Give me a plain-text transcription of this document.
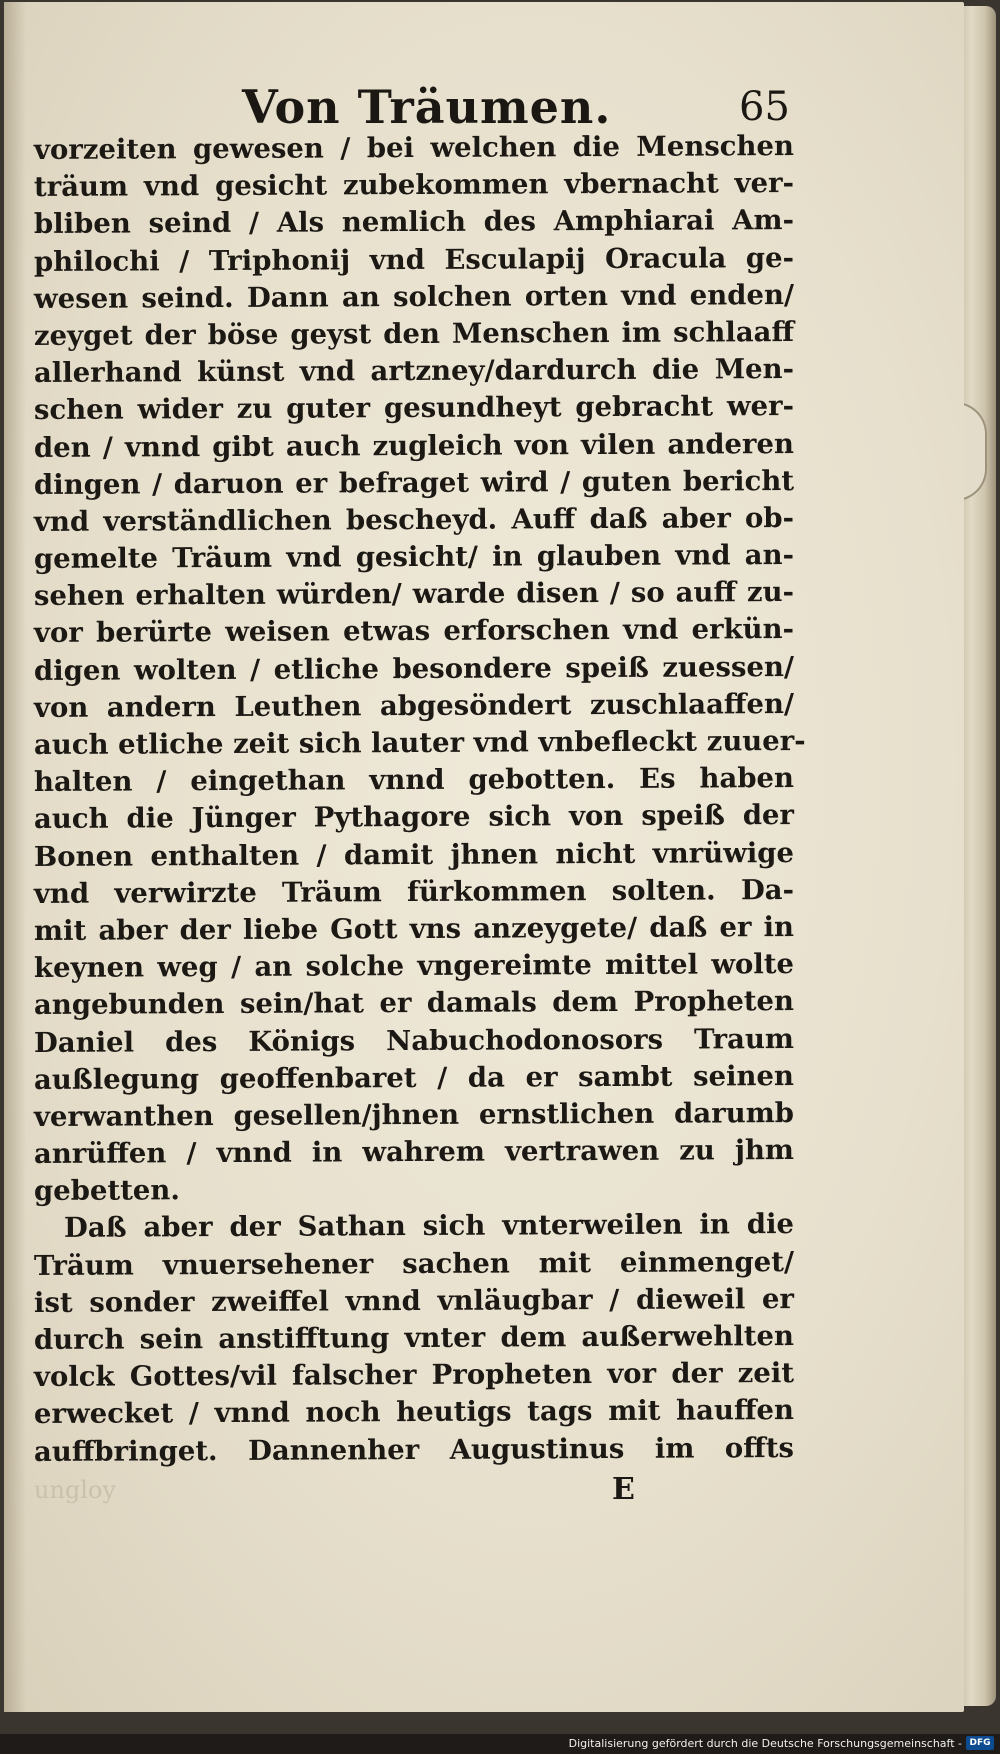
Von Träumen.	65
vorzeiten gewesen / bei welchen die Menschen
träum vnd gesicht zubekommen vbernacht ver-
bliben seind / Als nemlich des Amphiarai Am-
philochi / Triphonij vnd Esculapij Oracula ge-
wesen seind. Dann an solchen orten vnd enden/
zeyget der böse geyst den Menschen im schlaaff
allerhand künst vnd artzney/dardurch die Men-
schen wider zu guter gesundheyt gebracht wer-
den / vnnd gibt auch zugleich von vilen anderen
dingen / daruon er befraget wird / guten bericht
vnd verständlichen bescheyd. Auff daß aber ob-
gemelte Träum vnd gesicht/ in glauben vnd an-
sehen erhalten würden/ warde disen / so auff zu-
vor berürte weisen etwas erforschen vnd erkün-
digen wolten / etliche besondere speiß zuessen/
von andern Leuthen abgesöndert zuschlaaffen/
auch etliche zeit sich lauter vnd vnbefleckt zuuer-
halten / eingethan vnnd gebotten. Es haben
auch die Jünger Pythagore sich von speiß der
Bonen enthalten / damit jhnen nicht vnrüwige
vnd verwirzte Träum fürkommen solten. Da-
mit aber der liebe Gott vns anzeygete/ daß er in
keynen weg / an solche vngereimte mittel wolte
angebunden sein/hat er damals dem Propheten
Daniel des Königs Nabuchodonosors Traum
außlegung geoffenbaret / da er sambt seinen
verwanthen gesellen/jhnen ernstlichen darumb
anrüffen / vnnd in wahrem vertrawen zu jhm
gebetten.
Daß aber der Sathan sich vnterweilen in die
Träum vnuersehener sachen mit einmenget/
ist sonder zweiffel vnnd vnläugbar / dieweil er
durch sein anstifftung vnter dem außerwehlten
volck Gottes/vil falscher Propheten vor der zeit
erwecket / vnnd noch heutigs tags mit hauffen
auffbringet. Dannenher Augustinus im offts
ungloy	E
Digitalisierung gefördert durch die Deutsche Forschungsgemeinschaft - DFG
